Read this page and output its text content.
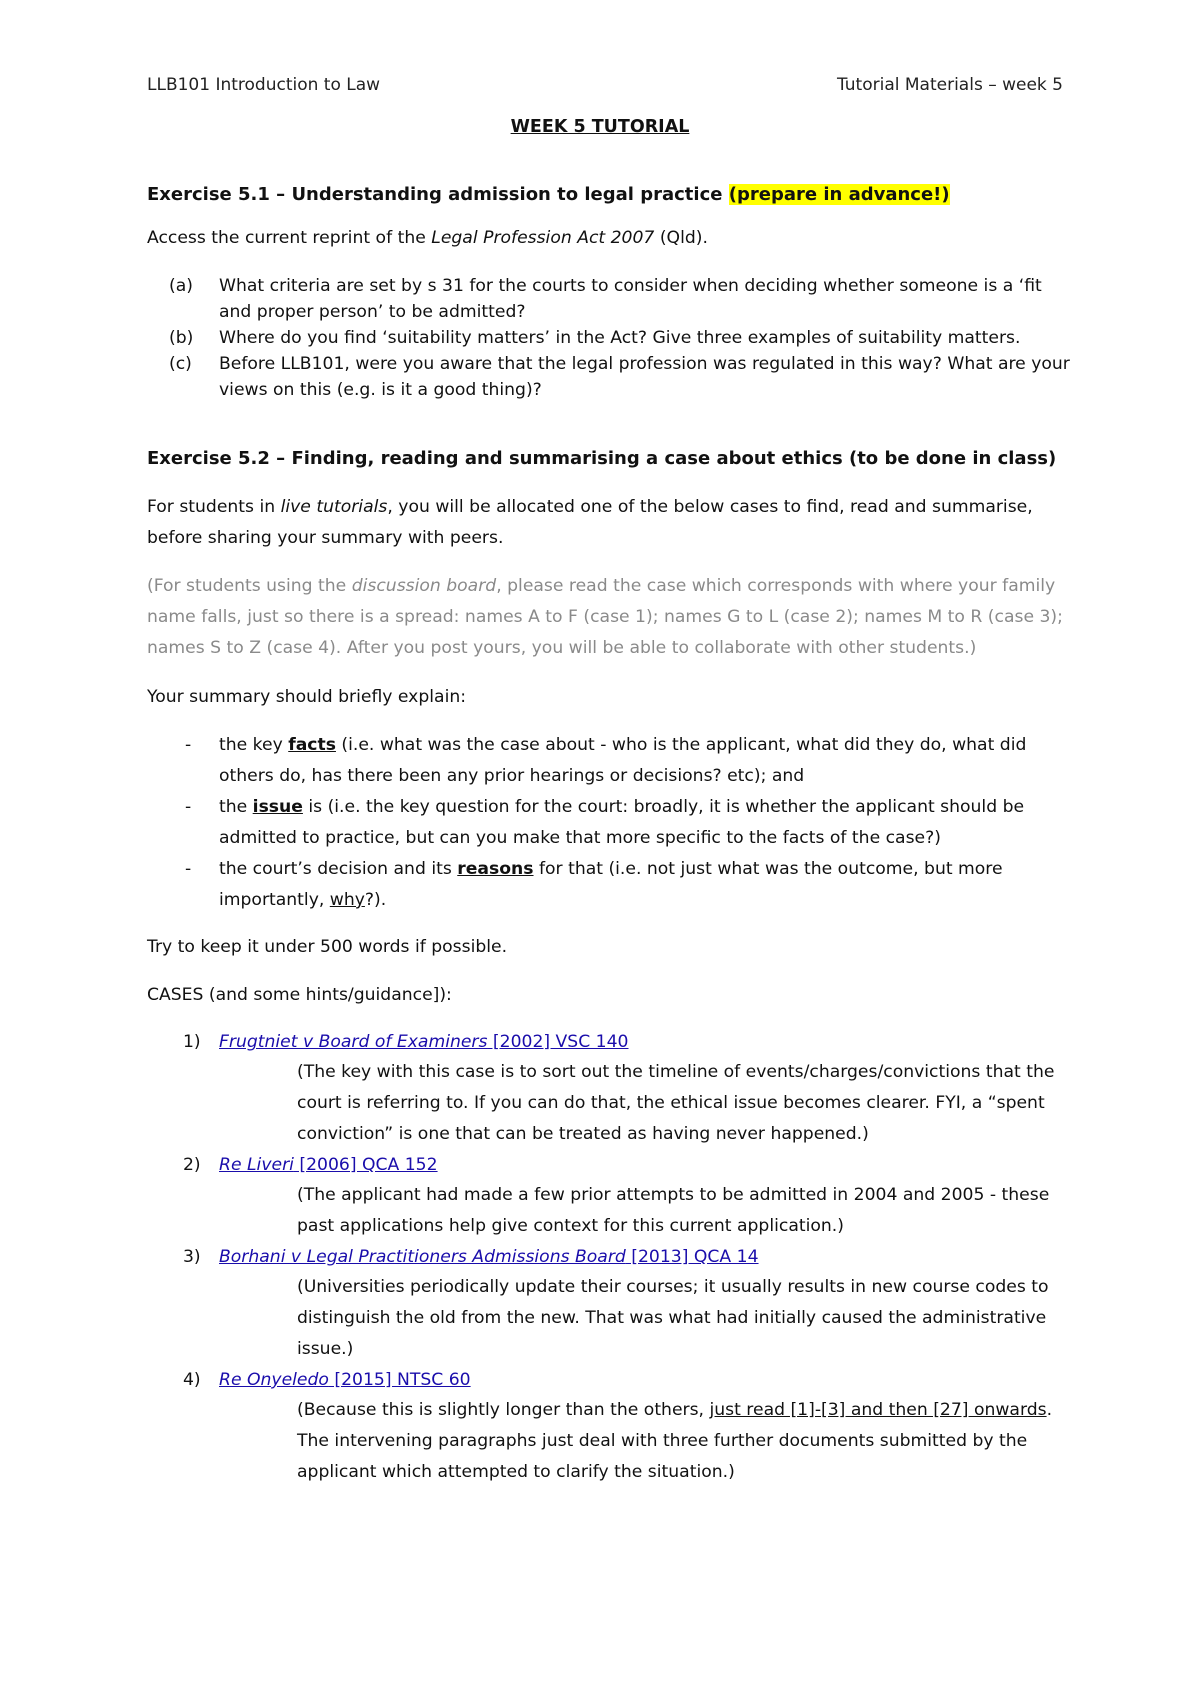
LLB101 Introduction to Law	Tutorial Materials – week 5
WEEK 5 TUTORIAL

Exercise 5.1 – Understanding admission to legal practice (prepare in advance!)

Access the current reprint of the Legal Profession Act 2007 (Qld).

(a) What criteria are set by s 31 for the courts to consider when deciding whether someone is a ‘fit and proper person’ to be admitted?
(b) Where do you find ‘suitability matters’ in the Act? Give three examples of suitability matters.
(c) Before LLB101, were you aware that the legal profession was regulated in this way? What are your views on this (e.g. is it a good thing)?

Exercise 5.2 – Finding, reading and summarising a case about ethics (to be done in class)

For students in live tutorials, you will be allocated one of the below cases to find, read and summarise, before sharing your summary with peers.

(For students using the discussion board, please read the case which corresponds with where your family name falls, just so there is a spread: names A to F (case 1); names G to L (case 2); names M to R (case 3); names S to Z (case 4). After you post yours, you will be able to collaborate with other students.)

Your summary should briefly explain:

- the key facts (i.e. what was the case about - who is the applicant, what did they do, what did others do, has there been any prior hearings or decisions? etc); and
- the issue is (i.e. the key question for the court: broadly, it is whether the applicant should be admitted to practice, but can you make that more specific to the facts of the case?)
- the court’s decision and its reasons for that (i.e. not just what was the outcome, but more importantly, why?).

Try to keep it under 500 words if possible.

CASES (and some hints/guidance]):

1) Frugtniet v Board of Examiners [2002] VSC 140
(The key with this case is to sort out the timeline of events/charges/convictions that the court is referring to. If you can do that, the ethical issue becomes clearer. FYI, a “spent conviction” is one that can be treated as having never happened.)
2) Re Liveri [2006] QCA 152
(The applicant had made a few prior attempts to be admitted in 2004 and 2005 - these past applications help give context for this current application.)
3) Borhani v Legal Practitioners Admissions Board [2013] QCA 14
(Universities periodically update their courses; it usually results in new course codes to distinguish the old from the new. That was what had initially caused the administrative issue.)
4) Re Onyeledo [2015] NTSC 60
(Because this is slightly longer than the others, just read [1]-[3] and then [27] onwards. The intervening paragraphs just deal with three further documents submitted by the applicant which attempted to clarify the situation.)
